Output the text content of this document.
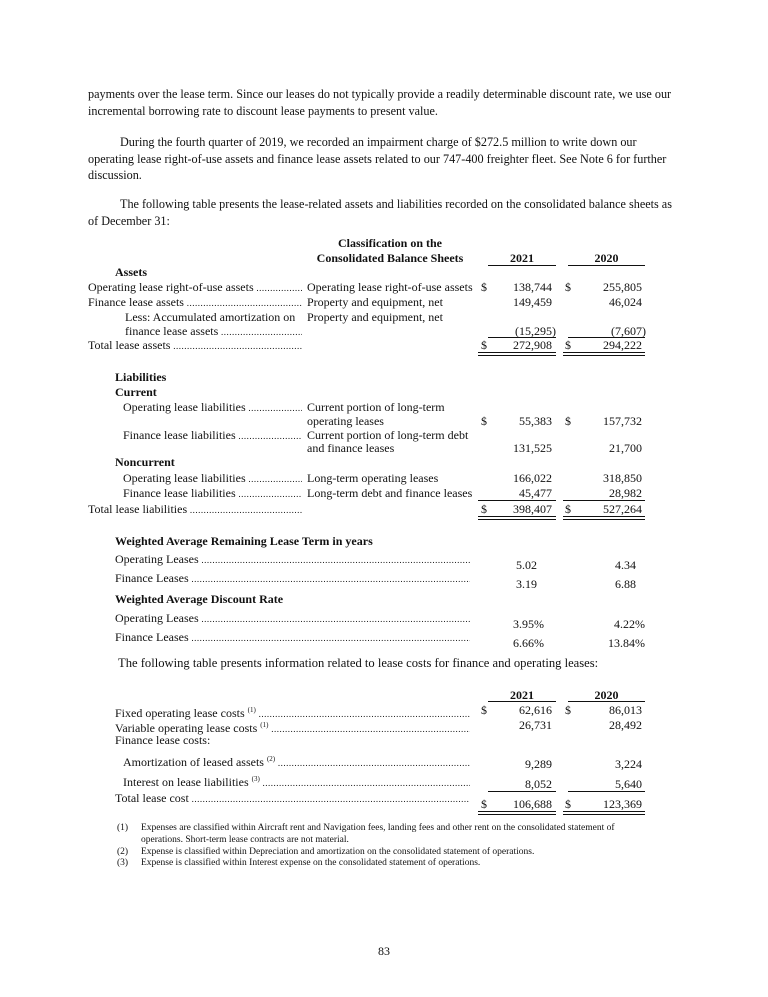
payments over the lease term. Since our leases do not typically provide a readily determinable discount rate, we use our incremental borrowing rate to discount lease payments to present value.
During the fourth quarter of 2019, we recorded an impairment charge of $272.5 million to write down our operating lease right-of-use assets and finance lease assets related to our 747-400 freighter fleet. See Note 6 for further discussion.
The following table presents the lease-related assets and liabilities recorded on the consolidated balance sheets as of December 31:
Classification on the
Consolidated Balance Sheets	2021	2020
Assets
Operating lease right-of-use assets .....	Operating lease right-of-use assets $	138,744 $	255,805
Finance lease assets .....	Property and equipment, net	149,459	46,024
Less: Accumulated amortization on Property and equipment, net
finance lease assets .....	(15,295)	(7,607)
Total lease assets .....	$	272,908 $	294,222
Liabilities
Current
Operating lease liabilities .....	Current portion of long-term
operating leases	$	55,383 $	157,732
Finance lease liabilities .....	Current portion of long-term debt
and finance leases	131,525	21,700
Noncurrent
Operating lease liabilities .....	Long-term operating leases	166,022	318,850
Finance lease liabilities .....	Long-term debt and finance leases	45,477	28,982
Total lease liabilities .....	$	398,407 $	527,264
Weighted Average Remaining Lease Term in years
Operating Leases .....	5.02	4.34
Finance Leases .....	3.19	6.88
Weighted Average Discount Rate
Operating Leases .....	3.95%	4.22%
Finance Leases .....	6.66%	13.84%
The following table presents information related to lease costs for finance and operating leases:
2021	2020
Fixed operating lease costs $^{(1)}$ .....	$	62,616 $	86,013
Variable operating lease costs $^{(1)}$ .....	26,731	28,492
Finance lease costs:
Amortization of leased assets $^{(2)}$ .....	9,289	3,224
Interest on lease liabilities $^{(3)}$ .....	8,052	5,640
Total lease cost .....	$	106,688 $	123,369
(1) Expenses are classified within Aircraft rent and Navigation fees, landing fees and other rent on the consolidated statement of
operations. Short-term lease contracts are not material.
(2) Expense is classified within Depreciation and amortization on the consolidated statement of operations.
(3) Expense is classified within Interest expense on the consolidated statement of operations.
83
